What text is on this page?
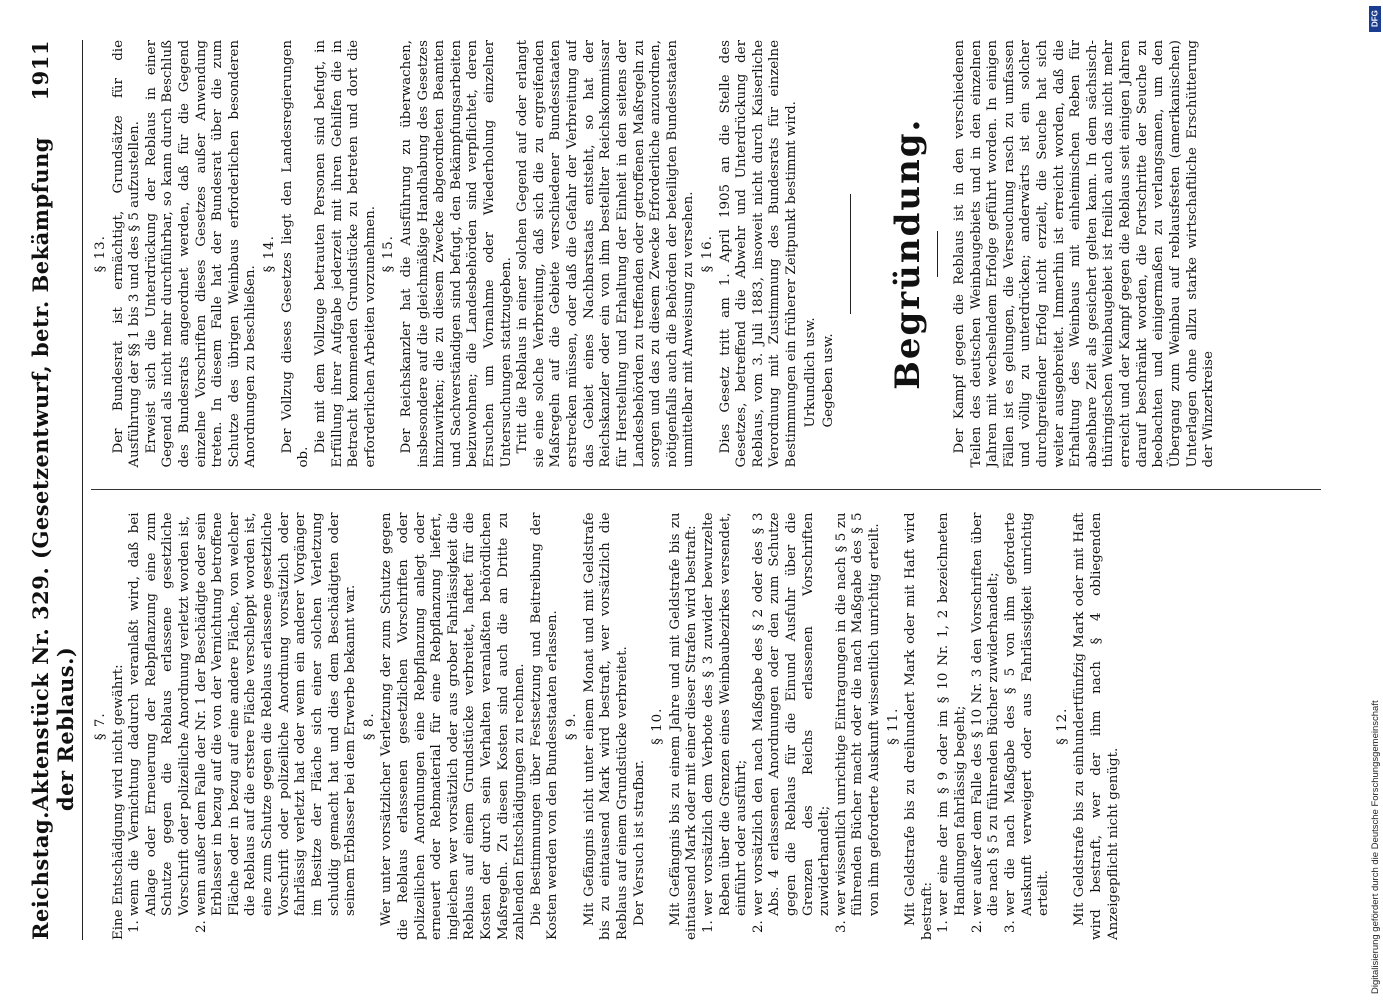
Reichstag.
Aktenstück Nr. 329. (Gesetzentwurf, betr. Bekämpfung der Reblaus.)
1911
§ 7. Eine Entschädigung wird nicht gewährt: 1. wenn die Vernichtung dadurch veranlaßt wird, daß bei Anlage oder Erneuerung der Rebpflanzung eine zum Schutze gegen die Reblaus erlassene gesetzliche Vorschrift oder polizeiliche Anordnung verletzt worden ist, 2. wenn außer dem Falle der Nr. 1 der Beschädigte oder sein Erblasser in bezug auf die von der Vernichtung betroffene Fläche oder in bezug auf eine andere Fläche, von welcher die Reblaus auf die erstere Fläche verschleppt worden ist, eine zum Schutze gegen die Reblaus erlassene gesetzliche Vorschrift oder polizeiliche Anordnung vorsätzlich oder fahrlässig verletzt hat oder wenn ein anderer Vorgänger im Besitze der Fläche sich einer solchen Verletzung schuldig gemacht hat und dies dem Beschädigten oder seinem Erblasser bei dem Erwerbe bekannt war. § 8. Wer unter vorsätzlicher Verletzung der zum Schutze gegen die Reblaus erlassenen gesetzlichen Vorschriften oder polizeilichen Anordnungen eine Rebpflanzung anlegt oder erneuert oder Rebmaterial für eine Rebpflanzung liefert, ingleichen wer vorsätzlich oder aus grober Fahrlässigkeit die Reblaus auf einem Grundstücke verbreitet, haftet für die Kosten der durch sein Verhalten veranlaßten behördlichen Maßregeln. Zu diesen Kosten sind auch die an Dritte zu zahlenden Entschädigungen zu rechnen. Die Bestimmungen über Festsetzung und Beitreibung der Kosten werden von den Bundesstaaten erlassen. § 9. Mit Gefängnis nicht unter einem Monat und mit Geldstrafe bis zu eintausend Mark wird bestraft, wer vorsätzlich die Reblaus auf einem Grundstücke verbreitet. Der Versuch ist strafbar.

§ 10. Mit Gefängnis bis zu einem Jahre und mit Geldstrafe bis zu eintausend Mark oder mit einer dieser Strafen wird bestraft: 1. wer vorsätzlich dem Verbote des § 3 zuwider bewurzelte Reben über die Grenzen eines Weinbaubezirkes versendet, einführt oder ausführt; 2. wer vorsätzlich den nach Maßgabe des § 2 oder des § 3 Abs. 4 erlassenen Anordnungen oder den zum Schutze gegen die Reblaus für die Einund Ausfuhr über die Grenzen des Reichs erlassenen Vorschriften zuwiderhandelt; 3. wer wissentlich unrichtige Eintragungen in die nach § 5 zu führenden Bücher macht oder die nach Maßgabe des § 5 von ihm geforderte Auskunft wissentlich unrichtig erteilt. § 11. Mit Geldstrafe bis zu dreihundert Mark oder mit Haft wird bestraft: 1. wer eine der im § 9 oder im § 10 Nr. 1, 2 bezeichneten Handlungen fahrlässig begeht; 2. wer außer dem Falle des § 10 Nr. 3 den Vorschriften über die nach § 5 zu führenden Bücher zuwiderhandelt; 3. wer die nach Maßgabe des § 5 von ihm geforderte Auskunft verweigert oder aus Fahrlässigkeit unrichtig erteilt.
§ 12. Mit Geldstrafe bis zu einhundertfünfzig Mark oder mit Haft wird bestraft, wer der ihm nach § 4 obliegenden Anzeigepflicht nicht genügt.

§ 13. Der Bundesrat ist ermächtigt, Grundsätze für die Ausführung der §§ 1 bis 3 und des § 5 aufzustellen. Erweist sich die Unterdrückung der Reblaus in einer Gegend als nicht mehr durchführbar, so kann durch Beschluß des Bundesrats angeordnet werden, daß für die Gegend einzelne Vorschriften dieses Gesetzes außer Anwendung treten. In diesem Falle hat der Bundesrat über die zum Schutze des übrigen Weinbaus erforderlichen besonderen Anordnungen zu beschließen.

§ 14. Der Vollzug dieses Gesetzes liegt den Landesregierungen ob.

Die mit dem Vollzuge betrauten Personen sind befugt, in Erfüllung ihrer Aufgabe jederzeit mit ihren Gehilfen die in Betracht kommenden Grundstücke zu betreten und dort die erforderlichen Arbeiten vorzunehmen. § 15. Der Reichskanzler hat die Ausführung zu überwachen, insbesondere auf die gleichmäßige Handhabung des Gesetzes hinzuwirken; die zu diesem Zwecke abgeordneten Beamten und Sachverständigen sind befugt, den Bekämpfungsarbeiten beizuwohnen; die Landesbehörden sind verpflichtet, deren Ersuchen um Vornahme oder Wiederholung einzelner Untersuchungen stattzugeben. Tritt die Reblaus in einer solchen Gegend auf oder erlangt sie eine solche Verbreitung, daß sich die zu ergreifenden Maßregeln auf die Gebiete verschiedener Bundesstaaten erstrecken müssen, oder daß die Gefahr der Verbreitung auf das Gebiet eines Nachbarstaats entsteht, so hat der Reichskanzler oder ein von ihm bestellter Reichskommissar für Herstellung und Erhaltung der Einheit in den seitens der Landesbehörden zu treffenden oder getroffenen Maßregeln zu sorgen und das zu diesem Zwecke Erforderliche anzuordnen, nötigenfalls auch die Behörden der beteiligten Bundesstaaten unmittelbar mit Anweisung zu versehen. § 16. Dies Gesetz tritt am 1. April 1905 an die Stelle des Gesetzes, betreffend die Abwehr und Unterdrückung der Reblaus, vom 3. Juli 1883, insoweit nicht durch Kaiserliche Verordnung mit Zustimmung des Bundesrats für einzelne Bestimmungen ein früherer Zeitpunkt bestimmt wird. Urkundlich usw. Gegeben usw. Begründung. Der Kampf gegen die Reblaus ist in den verschiedenen Teilen des deutschen Weinbaugebiets und in den einzelnen Jahren mit wechselndem Erfolge geführt worden. In einigen Fällen ist es gelungen, die Verseuchung rasch zu umfassen und völlig zu unterdrücken; anderwärts ist ein solcher durchgreifender Erfolg nicht erzielt, die Seuche hat sich weiter ausgebreitet. Immerhin ist erreicht worden, daß die Erhaltung des Weinbaus mit einheimischen Reben für absehbare Zeit als gesichert gelten kann. In dem sächsisch-thüringischen Weinbaugebiet ist freilich auch das nicht mehr erreicht und der Kampf gegen die Reblaus seit einigen Jahren darauf beschränkt worden, die Fortschritte der Seuche zu beobachten und einigermaßen zu verlangsamen, um den Übergang zum Weinbau auf reblausfesten (amerikanischen) Unterlagen ohne allzu starke wirtschaftliche Erschütterung der Winzerkreise

DFG
Digitalisierung gefördert durch die Deutsche Forschungsgemeinschaft
